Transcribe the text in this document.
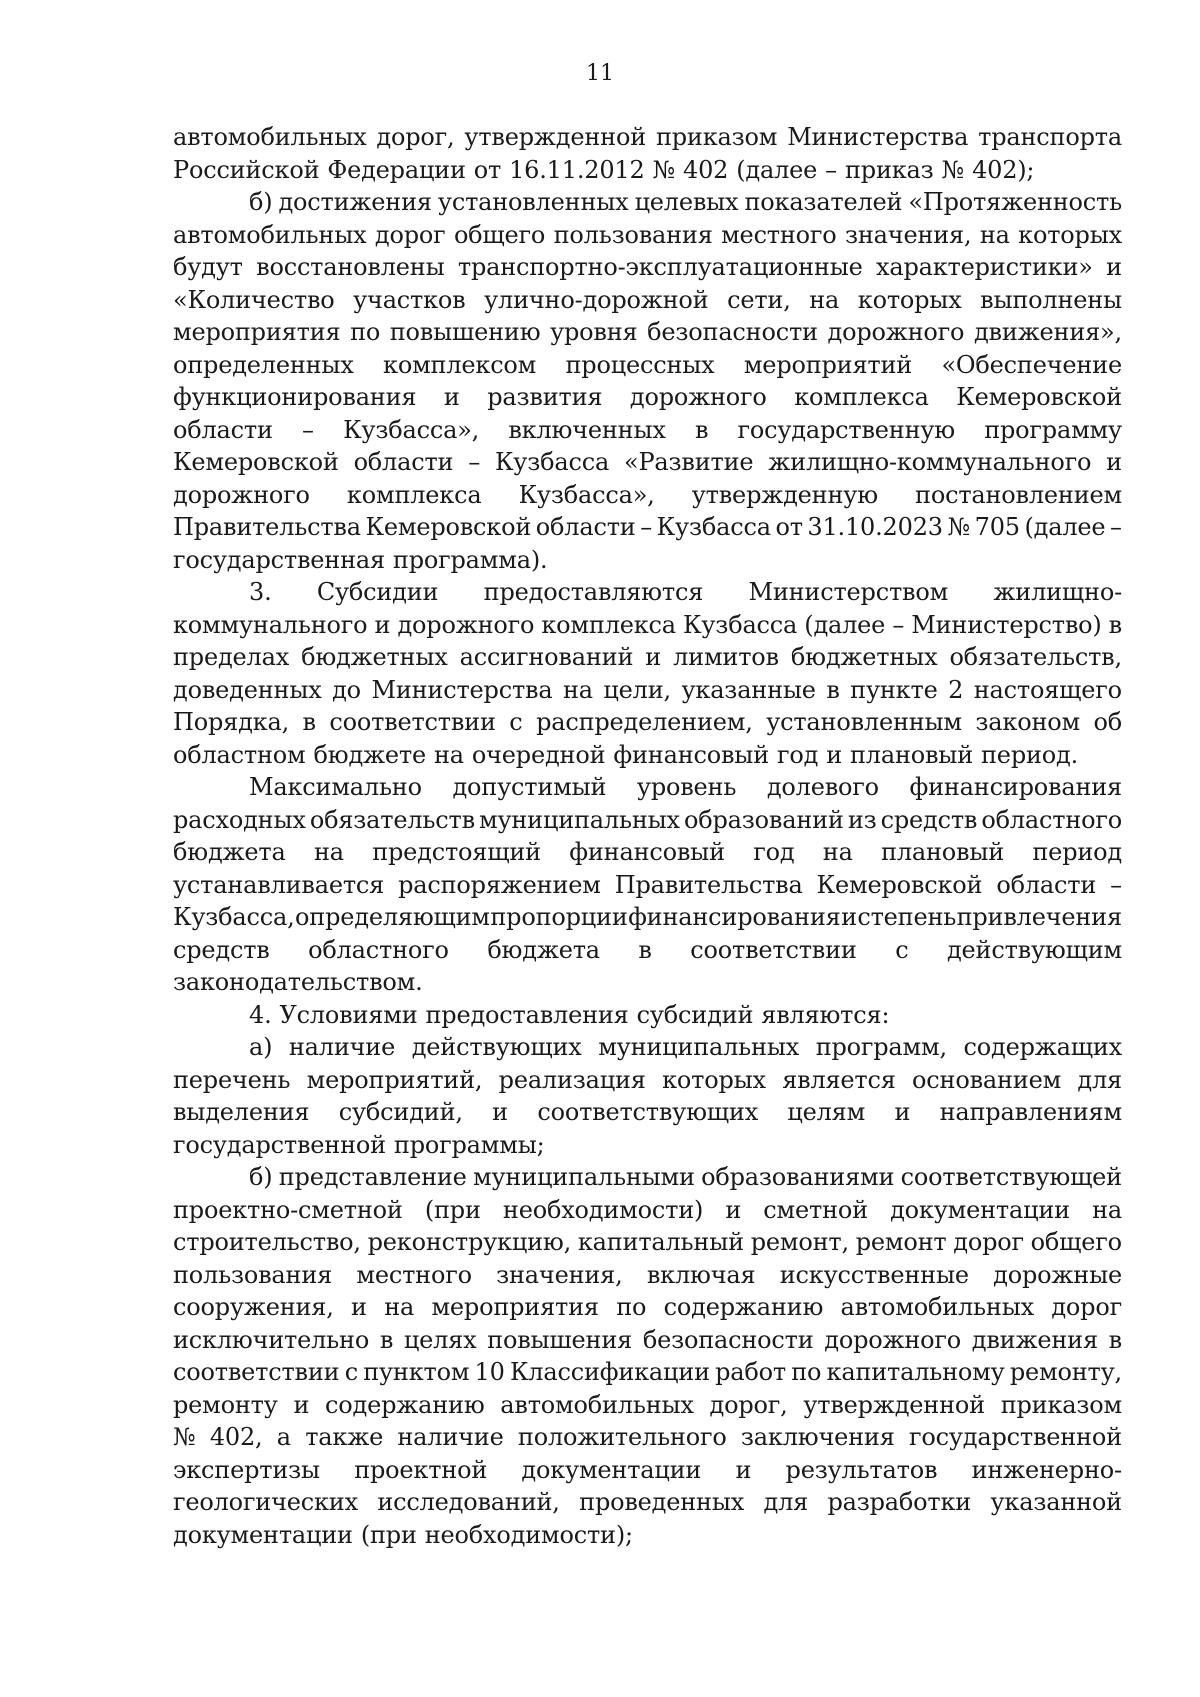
11
автомобильных дорог, утвержденной приказом Министерства транспорта
Российской Федерации от 16.11.2012 № 402 (далее – приказ № 402);
б) достижения установленных целевых показателей «Протяженность
автомобильных дорог общего пользования местного значения, на которых
будут восстановлены транспортно-эксплуатационные характеристики» и
«Количество участков улично-дорожной сети, на которых выполнены
мероприятия по повышению уровня безопасности дорожного движения»,
определенных комплексом процессных мероприятий «Обеспечение
функционирования и развития дорожного комплекса Кемеровской
области – Кузбасса», включенных в государственную программу
Кемеровской области – Кузбасса «Развитие жилищно-коммунального и
дорожного комплекса Кузбасса», утвержденную постановлением
Правительства Кемеровской области – Кузбасса от 31.10.2023 № 705 (далее –
государственная программа).
3. Субсидии предоставляются Министерством жилищно-
коммунального и дорожного комплекса Кузбасса (далее – Министерство) в
пределах бюджетных ассигнований и лимитов бюджетных обязательств,
доведенных до Министерства на цели, указанные в пункте 2 настоящего
Порядка, в соответствии с распределением, установленным законом об
областном бюджете на очередной финансовый год и плановый период.
Максимально допустимый уровень долевого финансирования
расходных обязательств муниципальных образований из средств областного
бюджета на предстоящий финансовый год на плановый период
устанавливается распоряжением Правительства Кемеровской области –
Кузбасса, определяющим пропорции финансирования и степень привлечения
средств областного бюджета в соответствии с действующим
законодательством.
4. Условиями предоставления субсидий являются:
а) наличие действующих муниципальных программ, содержащих
перечень мероприятий, реализация которых является основанием для
выделения субсидий, и соответствующих целям и направлениям
государственной программы;
б) представление муниципальными образованиями соответствующей
проектно-сметной (при необходимости) и сметной документации на
строительство, реконструкцию, капитальный ремонт, ремонт дорог общего
пользования местного значения, включая искусственные дорожные
сооружения, и на мероприятия по содержанию автомобильных дорог
исключительно в целях повышения безопасности дорожного движения в
соответствии с пунктом 10 Классификации работ по капитальному ремонту,
ремонту и содержанию автомобильных дорог, утвержденной приказом
№ 402, а также наличие положительного заключения государственной
экспертизы проектной документации и результатов инженерно-
геологических исследований, проведенных для разработки указанной
документации (при необходимости);
